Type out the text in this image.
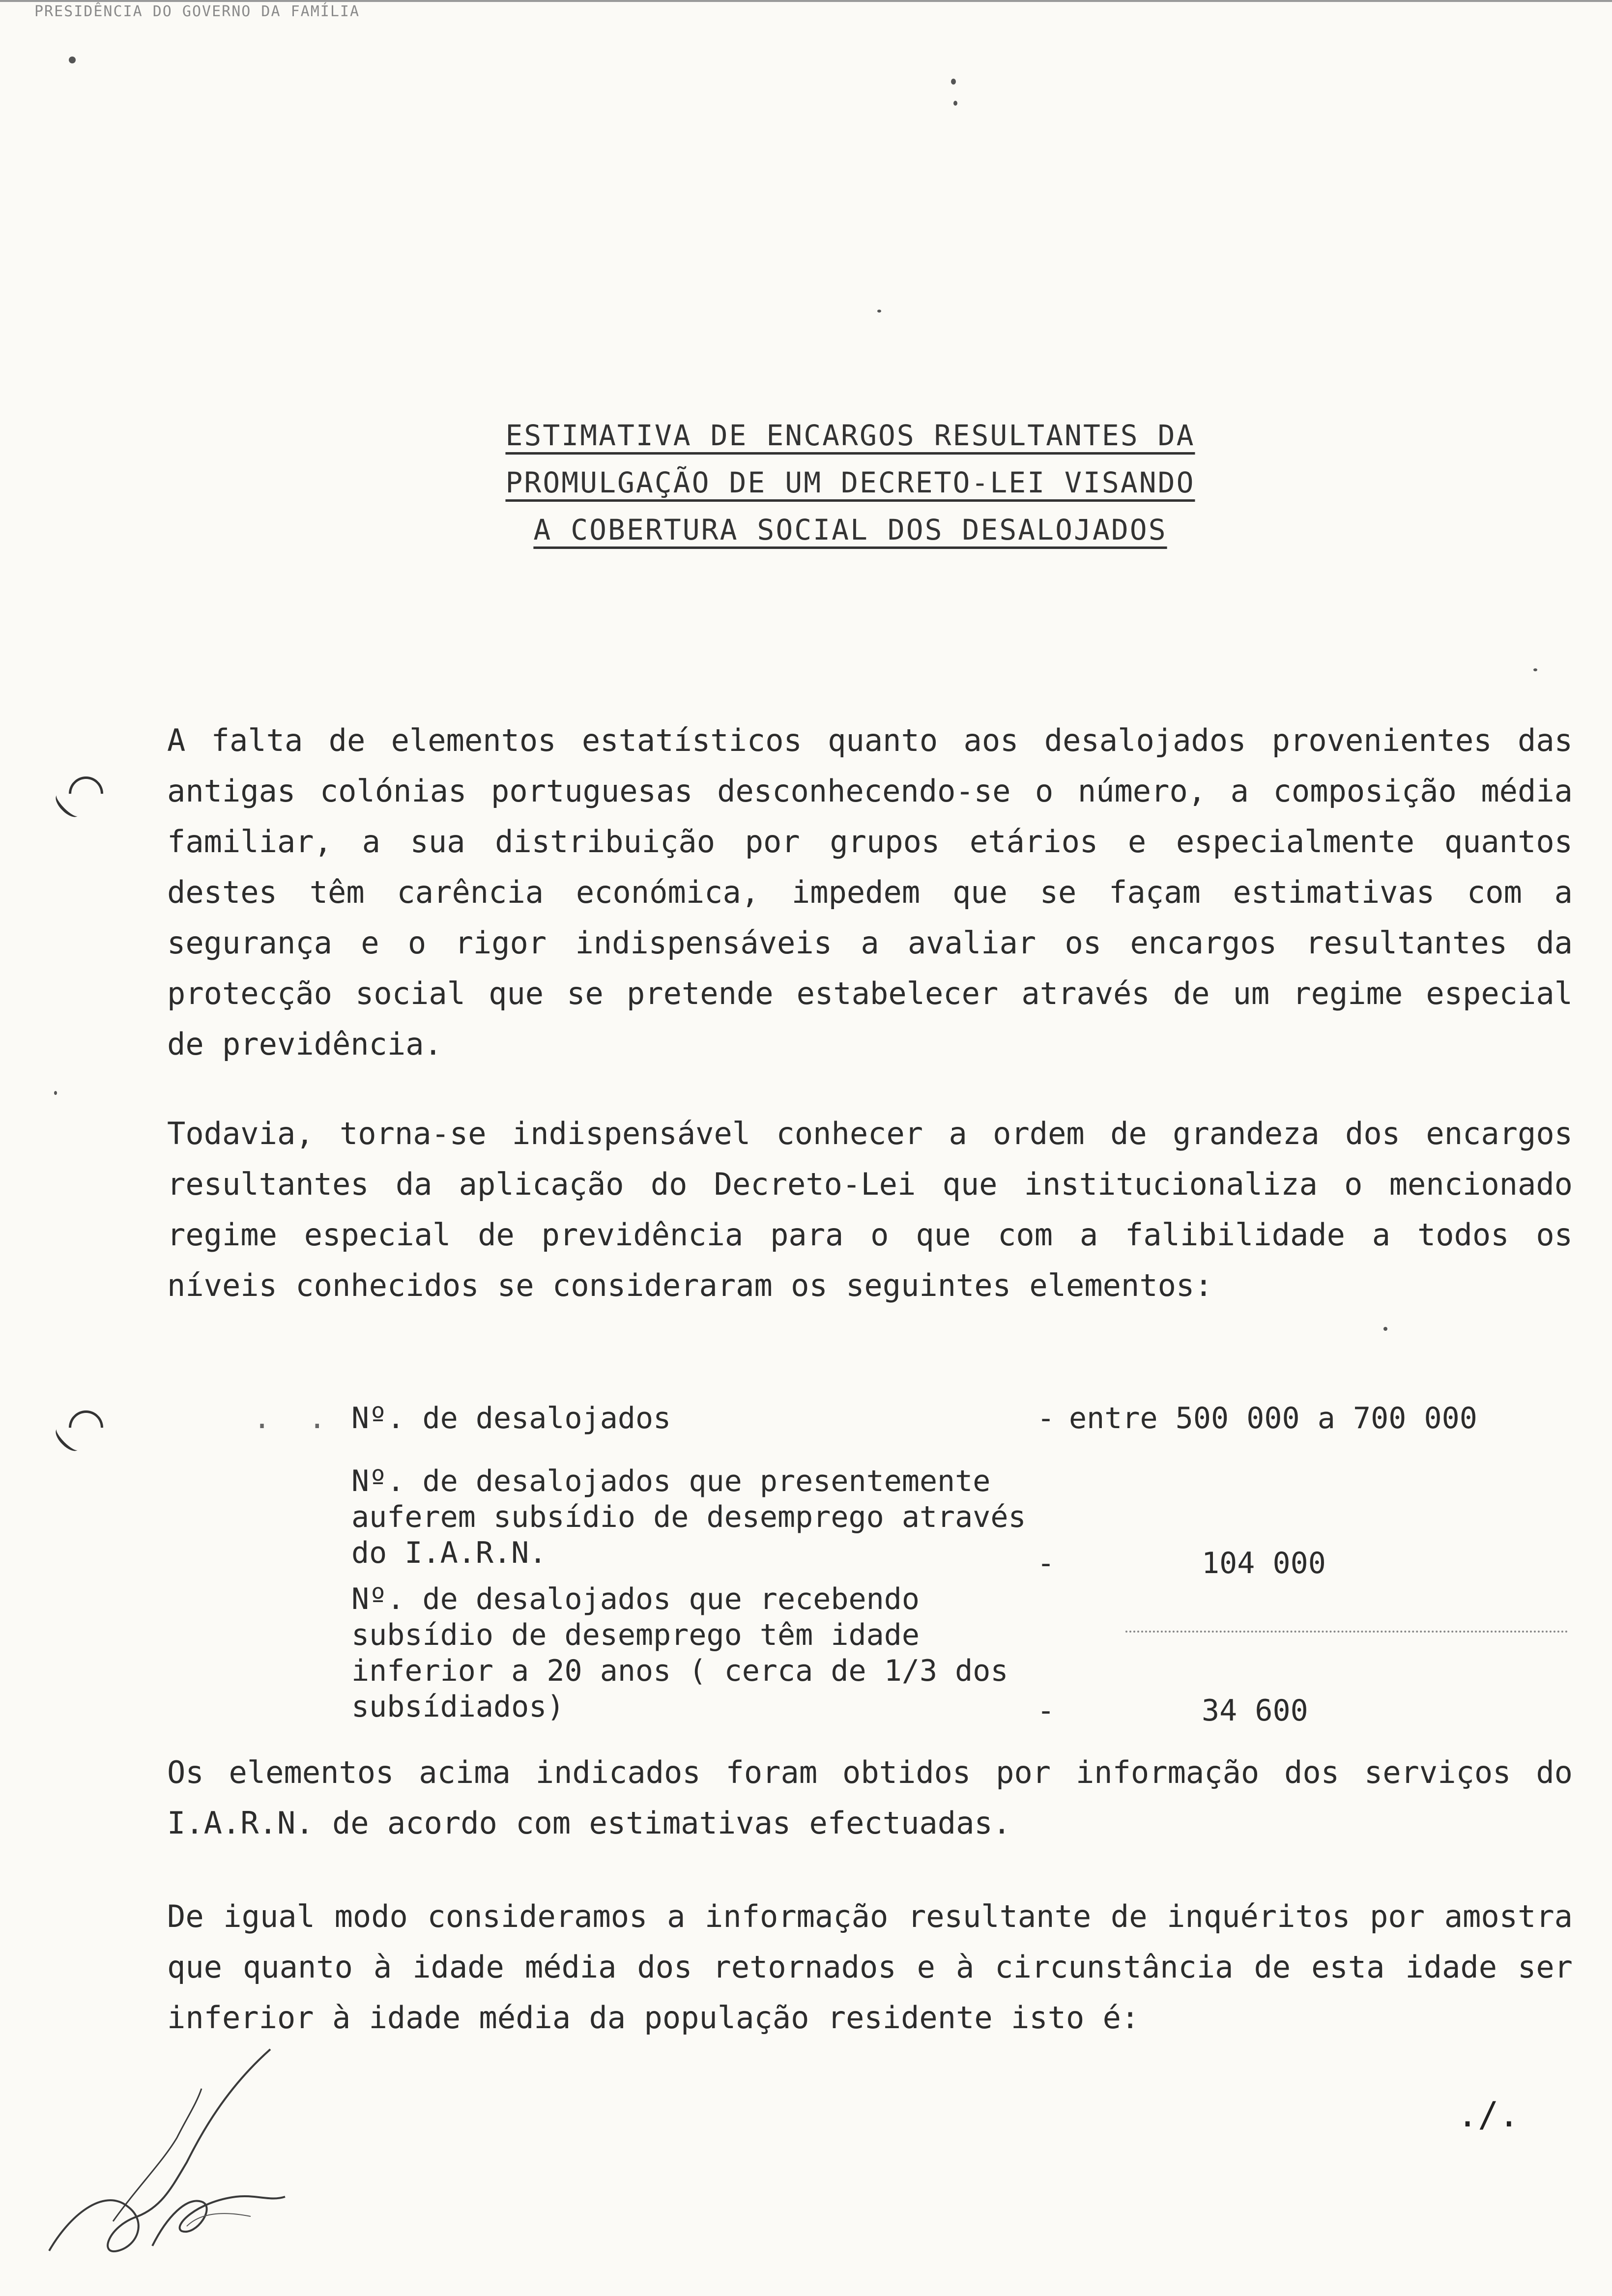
PRESIDÊNCIA DO GOVERNO DA FAMÍLIA
ESTIMATIVA DE ENCARGOS RESULTANTES DA
PROMULGAÇÃO DE UM DECRETO-LEI VISANDO
A COBERTURA SOCIAL DOS DESALOJADOS

A falta de elementos estatísticos quanto aos desalojados provenientes das antigas colónias portuguesas desconhecendo-se o número, a composição média familiar, a sua distribuição por grupos etários e especialmente quantos destes têm carência económica, impedem que se façam estimativas com a segurança e o rigor indispensáveis a avaliar os encargos resultantes da protecção social que se pretende estabelecer através de um regime especial de previdência.

Todavia, torna-se indispensável conhecer a ordem de grandeza dos encargos resultantes da aplicação do Decreto-Lei que institucionaliza o mencionado regime especial de previdência para o que com a falibilidade a todos os níveis conhecidos se consideraram os seguintes elementos:

. . Nº. de desalojados	- entre 500 000 a 700 000
Nº. de desalojados que presentemente auferem subsídio de desemprego através do I.A.R.N.	-	104 000
Nº. de desalojados que recebendo subsídio de desemprego têm idade inferior a 20 anos ( cerca de 1/3 dos subsídiados)	-	34 600

Os elementos acima indicados foram obtidos por informação dos serviços do I.A.R.N. de acordo com estimativas efectuadas.

De igual modo consideramos a informação resultante de inquéritos por amostra que quanto à idade média dos retornados e à circunstância de esta idade ser inferior à idade média da população residente isto é:

./.
